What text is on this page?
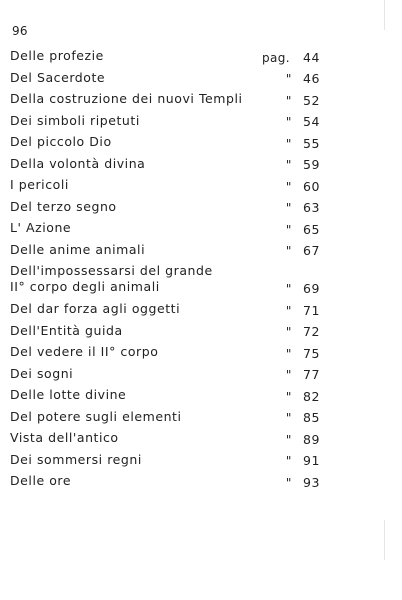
96
Delle profezie	pag.	44
Del Sacerdote	" 46
Della costruzione dei nuovi Templi	" 52
Dei simboli ripetuti	" 54
Del piccolo Dio	" 55
Della volontà divina	" 59
I pericoli	" 60
Del terzo segno	" 63
L' Azione	" 65
Delle anime animali	" 67
Dell'impossessarsi del grande
II° corpo degli animali	" 69
Del dar forza agli oggetti	" 71
Dell'Entità guida	" 72
Del vedere il II° corpo	" 75
Dei sogni	" 77
Delle lotte divine	" 82
Del potere sugli elementi	" 85
Vista dell'antico	" 89
Dei sommersi regni	" 91
Delle ore	" 93
